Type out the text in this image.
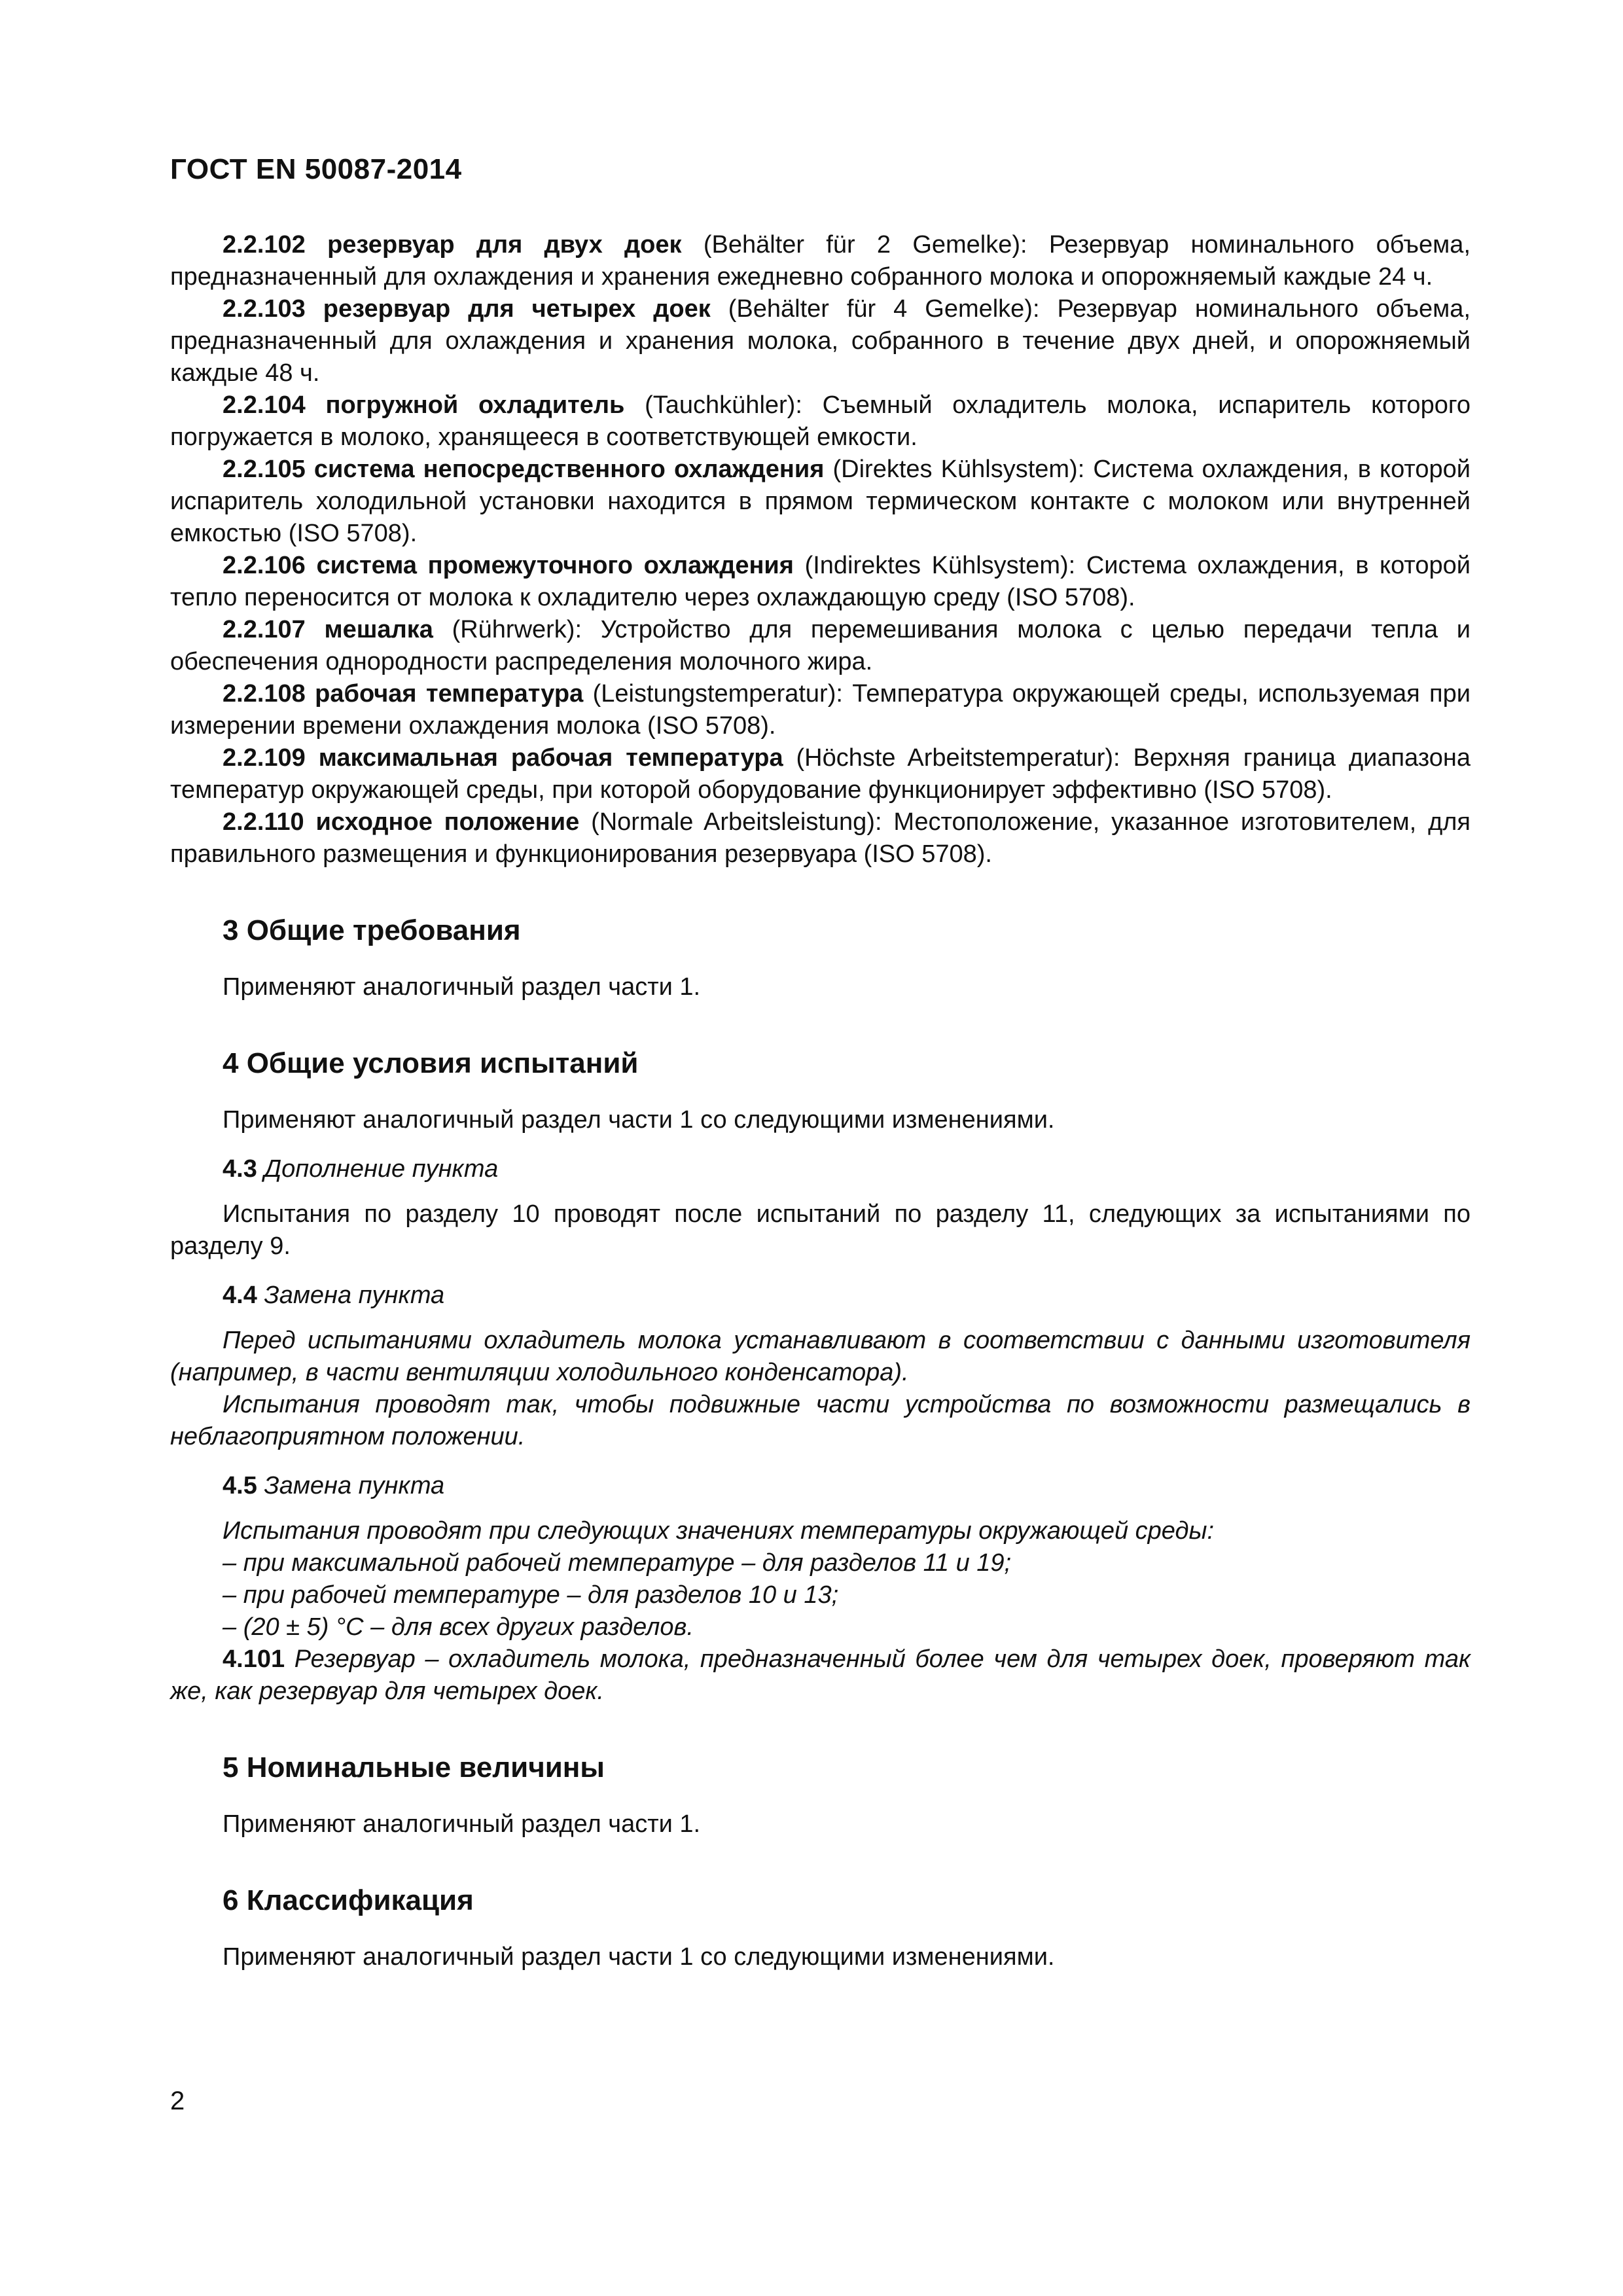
ГОСТ EN 50087-2014

2.2.102 резервуар для двух доек (Behälter für 2 Gemelke): Резервуар номинального объема, предназначенный для охлаждения и хранения ежедневно собранного молока и опорожняемый каждые 24 ч.

2.2.103 резервуар для четырех доек (Behälter für 4 Gemelke): Резервуар номинального объема, предназначенный для охлаждения и хранения молока, собранного в течение двух дней, и опорожняемый каждые 48 ч.

2.2.104 погружной охладитель (Tauchkühler): Съемный охладитель молока, испаритель которого погружается в молоко, хранящееся в соответствующей емкости.

2.2.105 система непосредственного охлаждения (Direktes Kühlsystem): Система охлаждения, в которой испаритель холодильной установки находится в прямом термическом контакте с молоком или внутренней емкостью (ISO 5708).

2.2.106 система промежуточного охлаждения (Indirektes Kühlsystem): Система охлаждения, в которой тепло переносится от молока к охладителю через охлаждающую среду (ISO 5708).

2.2.107 мешалка (Rührwerk): Устройство для перемешивания молока с целью передачи тепла и обеспечения однородности распределения молочного жира.

2.2.108 рабочая температура (Leistungstemperatur): Температура окружающей среды, используемая при измерении времени охлаждения молока (ISO 5708).

2.2.109 максимальная рабочая температура (Höchste Arbeitstemperatur): Верхняя граница диапазона температур окружающей среды, при которой оборудование функционирует эффективно (ISO 5708).

2.2.110 исходное положение (Normale Arbeitsleistung): Местоположение, указанное изготовителем, для правильного размещения и функционирования резервуара (ISO 5708).

3 Общие требования

Применяют аналогичный раздел части 1.

4 Общие условия испытаний

Применяют аналогичный раздел части 1 со следующими изменениями.

4.3 Дополнение пункта

Испытания по разделу 10 проводят после испытаний по разделу 11, следующих за испытаниями по разделу 9.

4.4 Замена пункта

Перед испытаниями охладитель молока устанавливают в соответствии с данными изготовителя (например, в части вентиляции холодильного конденсатора).

Испытания проводят так, чтобы подвижные части устройства по возможности размещались в неблагоприятном положении.

4.5 Замена пункта

Испытания проводят при следующих значениях температуры окружающей среды:

– при максимальной рабочей температуре – для разделов 11 и 19;

– при рабочей температуре – для разделов 10 и 13;

– (20 ± 5) °С – для всех других разделов.

4.101 Резервуар – охладитель молока, предназначенный более чем для четырех доек, проверяют так же, как резервуар для четырех доек.

5 Номинальные величины

Применяют аналогичный раздел части 1.

6 Классификация

Применяют аналогичный раздел части 1 со следующими изменениями.

2
